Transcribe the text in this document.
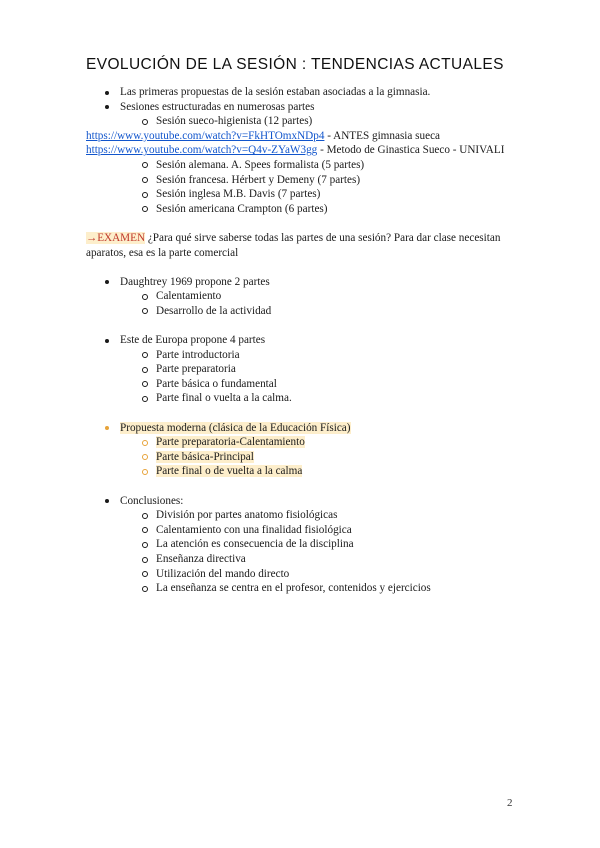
EVOLUCIÓN DE LA SESIÓN : TENDENCIAS ACTUALES
Las primeras propuestas de la sesión estaban asociadas a la gimnasia.
Sesiones estructuradas en numerosas partes
Sesión sueco-higienista (12 partes)
https://www.youtube.com/watch?v=FkHTOmxNDp4 - ANTES gimnasia sueca
https://www.youtube.com/watch?v=Q4v-ZYaW3gg - Metodo de Ginastica Sueco - UNIVALI
Sesión alemana. A. Spees formalista (5 partes)
Sesión francesa. Hérbert y Demeny (7 partes)
Sesión inglesa M.B. Davis (7 partes)
Sesión americana Crampton (6 partes)
→EXAMEN ¿Para qué sirve saberse todas las partes de una sesión? Para dar clase necesitan aparatos, esa es la parte comercial
Daughtrey 1969 propone 2 partes
Calentamiento
Desarrollo de la actividad
Este de Europa propone 4 partes
Parte introductoria
Parte preparatoria
Parte básica o fundamental
Parte final o vuelta a la calma.
Propuesta moderna (clásica de la Educación Física)
Parte preparatoria-Calentamiento
Parte básica-Principal
Parte final o de vuelta a la calma
Conclusiones:
División por partes anatomo fisiológicas
Calentamiento con una finalidad fisiológica
La atención es consecuencia de la disciplina
Enseñanza directiva
Utilización del mando directo
La enseñanza se centra en el profesor, contenidos y ejercicios
2
